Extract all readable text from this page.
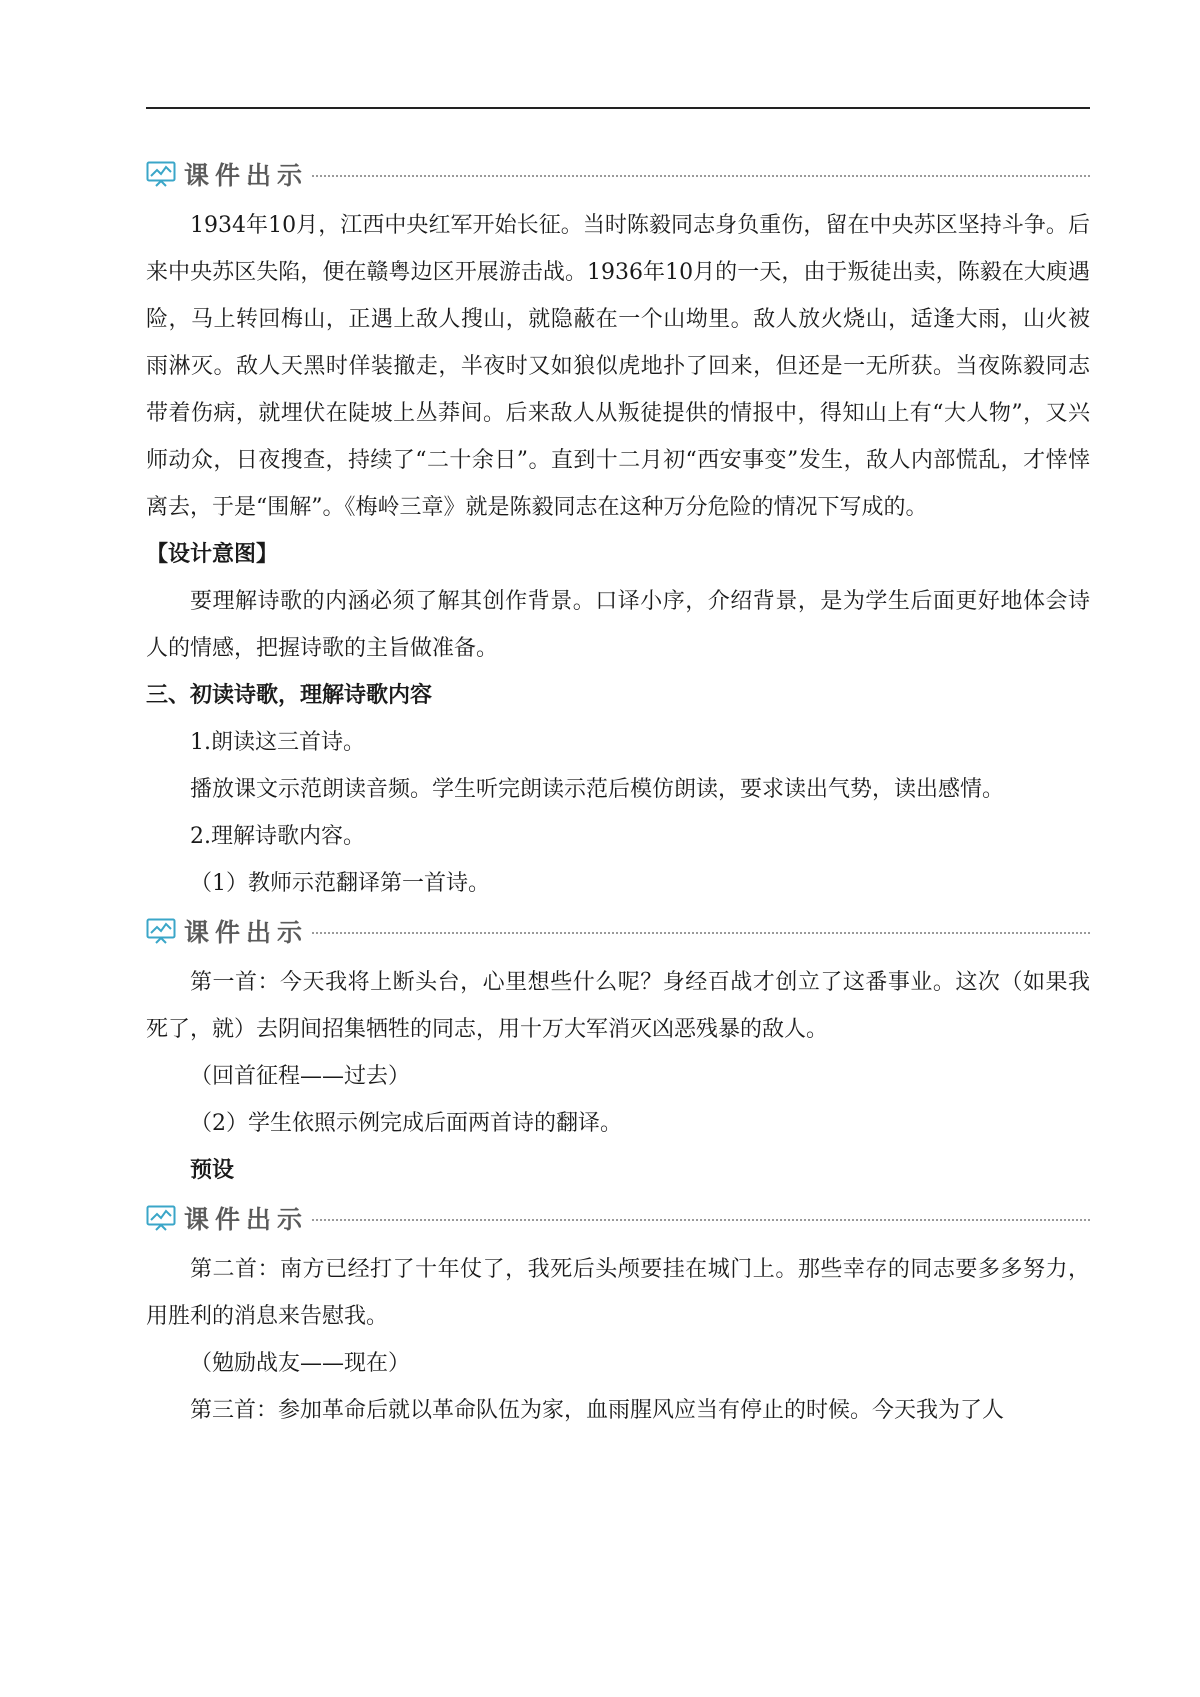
课件出示

1934年10月，江西中央红军开始长征。当时陈毅同志身负重伤，留在中央苏区坚持斗争。后来中央苏区失陷，便在赣粤边区开展游击战。1936年10月的一天，由于叛徒出卖，陈毅在大庾遇险，马上转回梅山，正遇上敌人搜山，就隐蔽在一个山坳里。敌人放火烧山，适逢大雨，山火被雨淋灭。敌人天黑时佯装撤走，半夜时又如狼似虎地扑了回来，但还是一无所获。当夜陈毅同志带着伤病，就埋伏在陡坡上丛莽间。后来敌人从叛徒提供的情报中，得知山上有“大人物”，又兴师动众，日夜搜查，持续了“二十余日”。直到十二月初“西安事变”发生，敌人内部慌乱，才悻悻离去，于是“围解”。《梅岭三章》就是陈毅同志在这种万分危险的情况下写成的。

【设计意图】

要理解诗歌的内涵必须了解其创作背景。口译小序，介绍背景，是为学生后面更好地体会诗人的情感，把握诗歌的主旨做准备。

三、初读诗歌，理解诗歌内容

1.朗读这三首诗。

播放课文示范朗读音频。学生听完朗读示范后模仿朗读，要求读出气势，读出感情。

2.理解诗歌内容。

（1）教师示范翻译第一首诗。

课件出示

第一首：今天我将上断头台，心里想些什么呢？身经百战才创立了这番事业。这次（如果我死了，就）去阴间招集牺牲的同志，用十万大军消灭凶恶残暴的敌人。

（回首征程——过去）

（2）学生依照示例完成后面两首诗的翻译。

预设

课件出示

第二首：南方已经打了十年仗了，我死后头颅要挂在城门上。那些幸存的同志要多多努力，用胜利的消息来告慰我。

（勉励战友——现在）

第三首：参加革命后就以革命队伍为家，血雨腥风应当有停止的时候。今天我为了人
